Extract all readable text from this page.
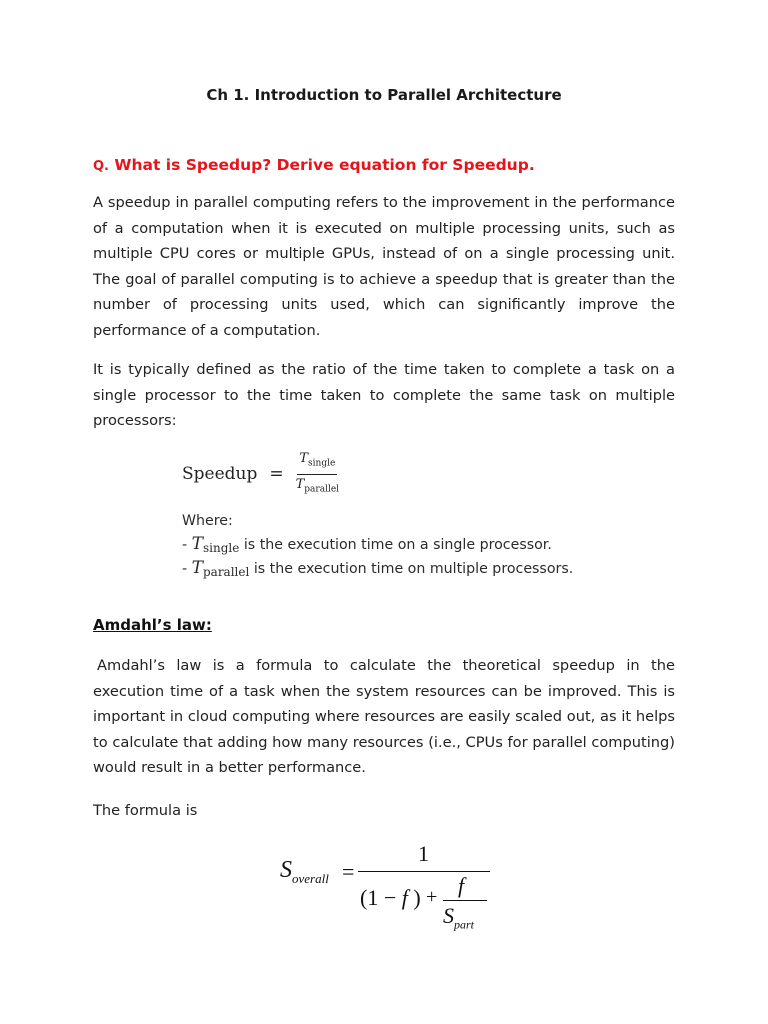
Ch 1. Introduction to Parallel Architecture
Q. What is Speedup? Derive equation for Speedup.
A speedup in parallel computing refers to the improvement in the performance of a computation when it is executed on multiple processing units, such as multiple CPU cores or multiple GPUs, instead of on a single processing unit. The goal of parallel computing is to achieve a speedup that is greater than the number of processing units used, which can significantly improve the performance of a computation.
It is typically defined as the ratio of the time taken to complete a task on a single processor to the time taken to complete the same task on multiple processors:
Speedup = $\frac{T_{single}}{T_{parallel}}$
Where:
- $T_{single}$ is the execution time on a single processor.
- $T_{parallel}$ is the execution time on multiple processors.
Amdahl’s law:
Amdahl’s law is a formula to calculate the theoretical speedup in the execution time of a task when the system resources can be improved. This is important in cloud computing where resources are easily scaled out, as it helps to calculate that adding how many resources (i.e., CPUs for parallel computing) would result in a better performance.
The formula is
$S_{overall}$ =
1
(1 − f ) + f
$S_{part}$
